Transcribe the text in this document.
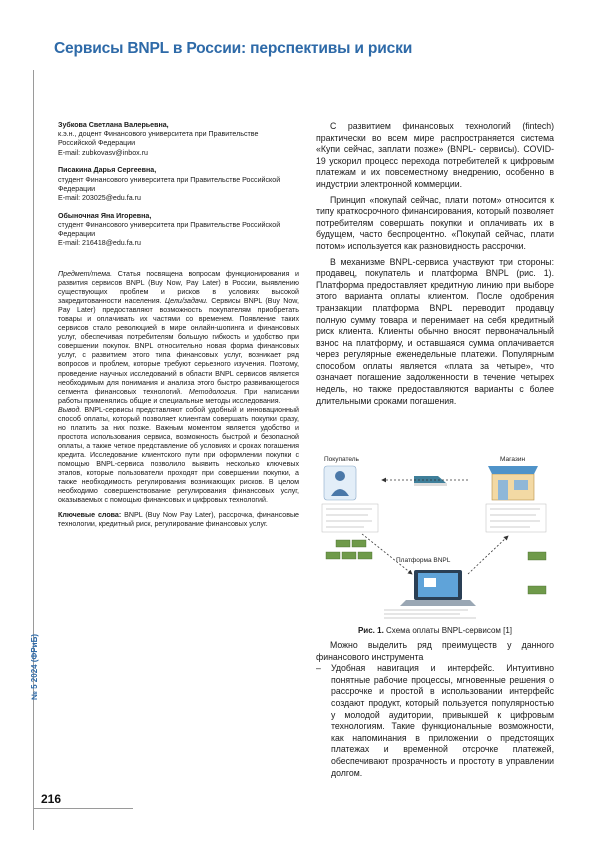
Сервисы BNPL в России: перспективы и риски
№ 5 2024 (ФРиБ)
216
Зубкова Светлана Валерьевна,
к.э.н., доцент Финансового университета при Правительстве Российской Федерации
E-mail: zubkovasv@inbox.ru
Писакина Дарья Сергеевна,
студент Финансового университета при Правительстве Российской Федерации
E-mail: 203025@edu.fa.ru
Обыночная Яна Игоревна,
студент Финансового университета при Правительстве Российской Федерации
E-mail: 216418@edu.fa.ru

Предмет/тема. Статья посвящена вопросам функционирования и развития сервисов BNPL (Buy Now, Pay Later) в России, выявлению существующих проблем и рисков в условиях высокой закредитованности населения. Цели/задачи. Сервисы BNPL (Buy Now, Pay Later) предоставляют возможность покупателям приобретать товары и оплачивать их частями со временем. Появление таких сервисов стало революцией в мире онлайн-шопинга и финансовых услуг, обеспечивая потребителям большую гибкость и удобство при совершении покупок. BNPL относительно новая форма финансовых услуг, с развитием этого типа финансовых услуг, возникает ряд вопросов и проблем, которые требуют серьезного изучения. Поэтому, проведение научных исследований в области BNPL сервисов является необходимым для понимания и анализа этого быстро развивающегося сегмента финансовых технологий. Методология. При написании работы применялись общие и специальные методы исследования.

Вывод. BNPL-сервисы представляют собой удобный и инновационный способ оплаты, который позволяет клиентам совершать покупки сразу, но платить за них позже. Важным моментом является удобство и простота использования сервиса, возможность быстрой и безопасной оплаты, а также четкое представление об условиях и сроках погашения кредита. Исследование клиентского пути при оформлении покупки с помощью BNPL-сервиса позволило выявить несколько ключевых этапов, которые пользователи проходят при совершении покупки, а также необходимость регулирования возникающих рисков. В целом необходимо совершенствование регулирования финансовых услуг, оказываемых с помощью финансовых и цифровых технологий.

Ключевые слова: BNPL (Buy Now Pay Later), рассрочка, финансовые технологии, кредитный риск, регулирование финансовых услуг.

С развитием финансовых технологий (fintech) практически во всем мире распространяется система «Купи сейчас, заплати позже» (BNPL- сервисы). COVID-19 ускорил процесс перехода потребителей к цифровым платежам и их повсеместному внедрению, особенно в индустрии электронной коммерции.

Принцип «покупай сейчас, плати потом» относится к типу краткосрочного финансирования, который позволяет потребителям совершать покупки и оплачивать их в будущем, часто беспроцентно. «Покупай сейчас, плати потом» используется как разновидность рассрочки.

В механизме BNPL-сервиса участвуют три стороны: продавец, покупатель и платформа BNPL (рис. 1). Платформа предоставляет кредитную линию при выборе этого варианта оплаты клиентом. После одобрения транзакции платформа BNPL переводит продавцу полную сумму товара и перенимает на себя кредитный риск клиента. Клиенты обычно вносят первоначальный взнос на платформу, и оставшаяся сумма оплачивается через регулярные еженедельные платежи. Популярным способом оплаты является «плата за четыре», что означает погашение задолженности в течение четырех недель, но также предоставляются варианты с более длительными сроками погашения.

Покупатель	Магазин
Платформа BNPL
Рис. 1. Схема оплаты BNPL-сервисом [1]

Можно выделить ряд преимуществ у данного финансового инструмента

– Удобная навигация и интерфейс. Интуитивно понятные рабочие процессы, мгновенные решения о рассрочке и простой в использовании интерфейс создают продукт, который пользуется популярностью у молодой аудитории, привыкшей к цифровым технологиям. Такие функциональные возможности, как напоминания в приложении о предстоящих платежах и временной отсрочке платежей, обеспечивают прозрачность и простоту в управлении долгом.
